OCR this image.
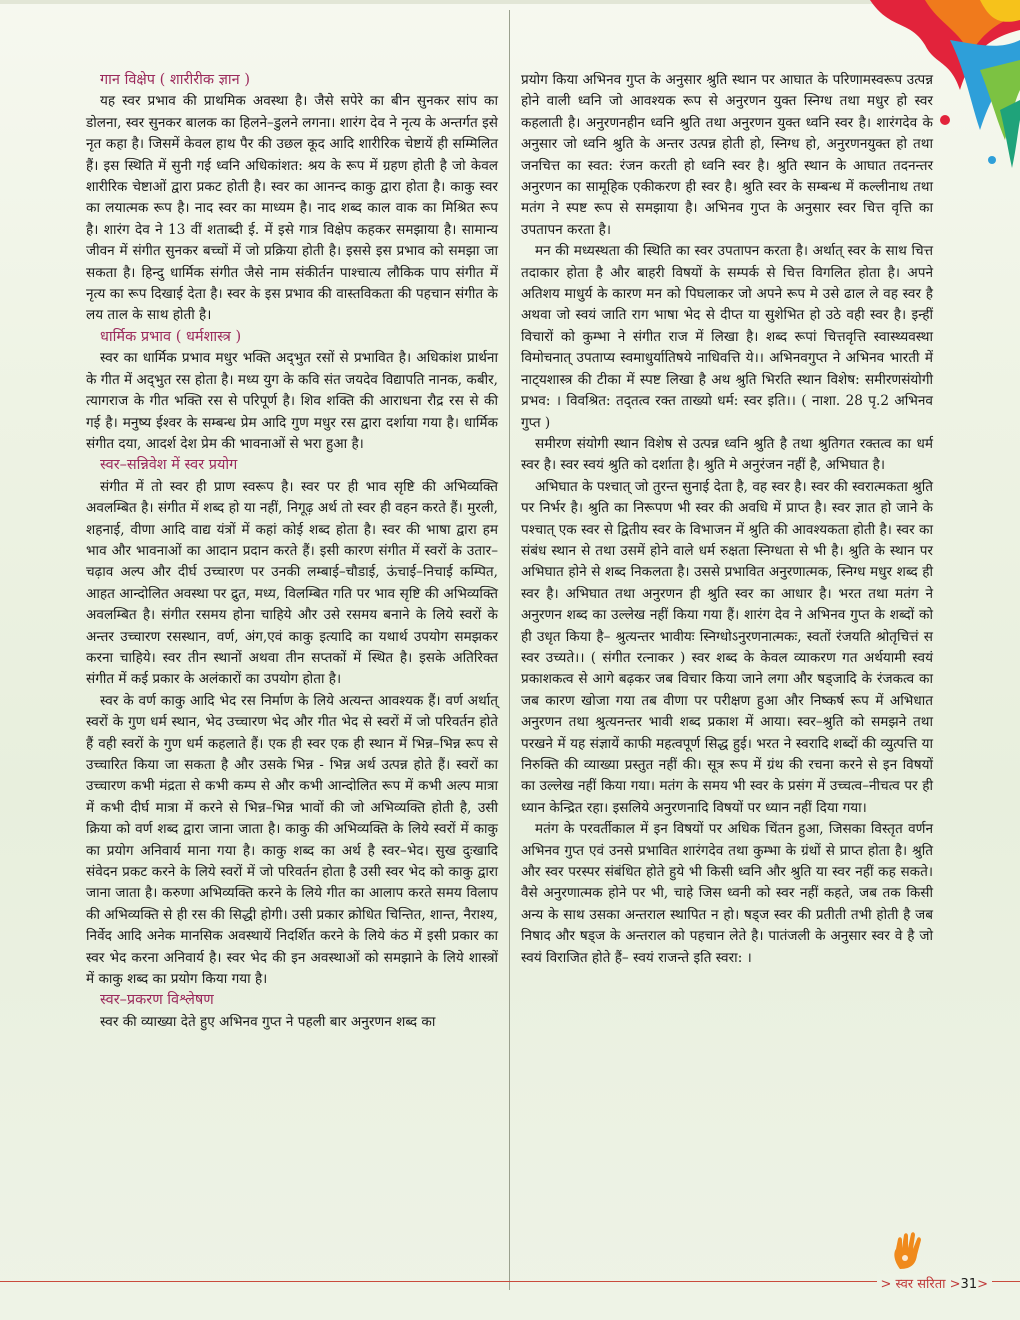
गान विक्षेप ( शारीरीक ज्ञान )

यह स्वर प्रभाव की प्राथमिक अवस्था है। जैसे सपेरे का बीन सुनकर सांप का डोलना, स्वर सुनकर बालक का हिलने–डुलने लगना। शारंग देव ने नृत्य के अन्तर्गत इसे नृत कहा है। जिसमें केवल हाथ पैर की उछल कूद आदि शारीरिक चेष्टायें ही सम्मिलित हैं। इस स्थिति में सुनी गई ध्वनि अधिकांशत: श्रय के रूप में ग्रहण होती है जो केवल शारीरिक चेष्टाओं द्वारा प्रकट होती है। स्वर का आनन्द काकु द्वारा होता है। काकु स्वर का लयात्मक रूप है। नाद स्वर का माध्यम है। नाद शब्द काल वाक का मिश्रित रूप है। शारंग देव ने 13 वीं शताब्दी ई. में इसे गात्र विक्षेप कहकर समझाया है। सामान्य जीवन में संगीत सुनकर बच्चों में जो प्रक्रिया होती है। इससे इस प्रभाव को समझा जा सकता है। हिन्दु धार्मिक संगीत जैसे नाम संकीर्तन पाश्चात्य लौकिक पाप संगीत में नृत्य का रूप दिखाई देता है। स्वर के इस प्रभाव की वास्तविकता की पहचान संगीत के लय ताल के साथ होती है।

धार्मिक प्रभाव ( धर्मशास्त्र )

स्वर का धार्मिक प्रभाव मधुर भक्ति अद्‌भुत रसों से प्रभावित है। अधिकांश प्रार्थना के गीत में अद्‌भुत रस होता है। मध्य युग के कवि संत जयदेव विद्यापति नानक, कबीर, त्यागराज के गीत भक्ति रस से परिपूर्ण है। शिव शक्ति की आराधना रौद्र रस से की गई है। मनुष्य ईश्वर के सम्बन्ध प्रेम आदि गुण मधुर रस द्वारा दर्शाया गया है। धार्मिक संगीत दया, आदर्श देश प्रेम की भावनाओं से भरा हुआ है।

स्वर–सन्निवेश में स्वर प्रयोग

संगीत में तो स्वर ही प्राण स्वरूप है। स्वर पर ही भाव सृष्टि की अभिव्यक्ति अवलम्बित है। संगीत में शब्द हो या नहीं, निगूढ़ अर्थ तो स्वर ही वहन करते हैं। मुरली, शहनाई, वीणा आदि वाद्य यंत्रों में कहां कोई शब्द होता है। स्वर की भाषा द्वारा हम भाव और भावनाओं का आदान प्रदान करते हैं। इसी कारण संगीत में स्वरों के उतार–चढ़ाव अल्प और दीर्घ उच्चारण पर उनकी लम्बाई–चौडाई, ऊंचाई–निचाई कम्पित, आहत आन्दोलित अवस्था पर द्रुत, मध्य, विलम्बित गति पर भाव सृष्टि की अभिव्यक्ति अवलम्बित है। संगीत रसमय होना चाहिये और उसे रसमय बनाने के लिये स्वरों के अन्तर उच्चारण रसस्थान, वर्ण, अंग,एवं काकु इत्यादि का यथार्थ उपयोग समझकर करना चाहिये। स्वर तीन स्थानों अथवा तीन सप्तकों में स्थित है। इसके अतिरिक्त संगीत में कई प्रकार के अलंकारों का उपयोग होता है।

स्वर के वर्ण काकु आदि भेद रस निर्माण के लिये अत्यन्त आवश्यक हैं। वर्ण अर्थात् स्वरों के गुण धर्म स्थान, भेद उच्चारण भेद और गीत भेद से स्वरों में जो परिवर्तन होते हैं वही स्वरों के गुण धर्म कहलाते हैं। एक ही स्वर एक ही स्थान में भिन्न–भिन्न रूप से उच्चारित किया जा सकता है और उसके भिन्न - भिन्न अर्थ उत्पन्न होते हैं। स्वरों का उच्चारण कभी मंद्रता से कभी कम्प से और कभी आन्दोलित रूप में कभी अल्प मात्रा में कभी दीर्घ मात्रा में करने से भिन्न–भिन्न भावों की जो अभिव्यक्ति होती है, उसी क्रिया को वर्ण शब्द द्वारा जाना जाता है। काकु की अभिव्यक्ति के लिये स्वरों में काकु का प्रयोग अनिवार्य माना गया है। काकु शब्द का अर्थ है स्वर–भेद। सुख दुःखादि संवेदन प्रकट करने के लिये स्वरों में जो परिवर्तन होता है उसी स्वर भेद को काकु द्वारा जाना जाता है। करुणा अभिव्यक्ति करने के लिये गीत का आलाप करते समय विलाप की अभिव्यक्ति से ही रस की सिद्धी होगी। उसी प्रकार क्रोधित चिन्तित, शान्त, नैराश्य, निर्वेद आदि अनेक मानसिक अवस्थायें निदर्शित करने के लिये कंठ में इसी प्रकार का स्वर भेद करना अनिवार्य है। स्वर भेद की इन अवस्थाओं को समझाने के लिये शास्त्रों में काकु शब्द का प्रयोग किया गया है।

स्वर–प्रकरण विश्लेषण

स्वर की व्याख्या देते हुए अभिनव गुप्त ने पहली बार अनुरणन शब्द का

प्रयोग किया अभिनव गुप्त के अनुसार श्रुति स्थान पर आघात के परिणामस्वरूप उत्पन्न होने वाली ध्वनि जो आवश्यक रूप से अनुरणन युक्त स्निग्ध तथा मधुर हो स्वर कहलाती है। अनुरणनहीन ध्वनि श्रुति तथा अनुरणन युक्त ध्वनि स्वर है। शारंगदेव के अनुसार जो ध्वनि श्रुति के अन्तर उत्पन्न होती हो, स्निग्ध हो, अनुरणनयुक्त हो तथा जनचित्त का स्वत: रंजन करती हो ध्वनि स्वर है। श्रुति स्थान के आघात तदनन्तर अनुरणन का सामूहिक एकीकरण ही स्वर है। श्रुति स्वर के सम्बन्ध में कल्लीनाथ तथा मतंग ने स्पष्ट रूप से समझाया है। अभिनव गुप्त के अनुसार स्वर चित्त वृत्ति का उपतापन करता है।

मन की मध्यस्थता की स्थिति का स्वर उपतापन करता है। अर्थात् स्वर के साथ चित्त तदाकार होता है और बाहरी विषयों के सम्पर्क से चित्त विगलित होता है। अपने अतिशय माधुर्य के कारण मन को पिघलाकर जो अपने रूप मे उसे ढाल ले वह स्वर है अथवा जो स्वयं जाति राग भाषा भेद से दीप्त या सुशेभित हो उठे वही स्वर है। इन्हीं विचारों को कुम्भा ने संगीत राज में लिखा है। शब्द रूपां चित्तवृत्ति स्वास्थ्यवस्था विमोचनात् उपताप्य स्वमाधुर्यातिषये नाधिवत्ति ये।। अभिनवगुप्त ने अभिनव भारती में नाट्‌यशास्त्र की टीका में स्पष्ट लिखा है अथ श्रुति भिरति स्थान विशेष: समीरणसंयोगी प्रभव: । विवश्रित: तद्‌तत्व रक्त ताख्यो धर्म: स्वर इति।। ( नाशा. 28 पृ.2 अभिनव गुप्त )

समीरण संयोगी स्थान विशेष से उत्पन्न ध्वनि श्रुति है तथा श्रुतिगत रक्तत्व का धर्म स्वर है। स्वर स्वयं श्रुति को दर्शाता है। श्रुति मे अनुरंजन नहीं है, अभिघात है।

अभिघात के पश्चात् जो तुरन्त सुनाई देता है, वह स्वर है। स्वर की स्वरात्मकता श्रुति पर निर्भर है। श्रुति का निरूपण भी स्वर की अवधि में प्राप्त है। स्वर ज्ञात हो जाने के पश्चात् एक स्वर से द्वितीय स्वर के विभाजन में श्रुति की आवश्यकता होती है। स्वर का संबंध स्थान से तथा उसमें होने वाले धर्म रुक्षता स्निग्धता से भी है। श्रुति के स्थान पर अभिघात होने से शब्द निकलता है। उससे प्रभावित अनुरणात्मक, स्निग्ध मधुर शब्द ही स्वर है। अभिघात तथा अनुरणन ही श्रुति स्वर का आधार है। भरत तथा मतंग ने अनुरणन शब्द का उल्लेख नहीं किया गया हैं। शारंग देव ने अभिनव गुप्त के शब्दों को ही उधृत किया है– श्रुत्यन्तर भावीयः स्निग्धोऽनुरणनात्मकः, स्वतों रंजयति श्रोतृचित्तं स स्वर उच्यते।। ( संगीत रत्नाकर ) स्वर शब्द के केवल व्याकरण गत अर्थयामी स्वयं प्रकाशकत्व से आगे बढ़कर जब विचार किया जाने लगा और षड्‌जादि के रंजकत्व का जब कारण खोजा गया तब वीणा पर परीक्षण हुआ और निष्कर्ष रूप में अभिधात अनुरणन तथा श्रुत्यनन्तर भावी शब्द प्रकाश में आया। स्वर–श्रुति को समझने तथा परखने में यह संज्ञायें काफी महत्वपूर्ण सिद्ध हुई। भरत ने स्वरादि शब्दों की व्युत्पत्ति या निरुक्ति की व्याख्या प्रस्तुत नहीं की। सूत्र रूप में ग्रंथ की रचना करने से इन विषयों का उल्लेख नहीं किया गया। मतंग के समय भी स्वर के प्रसंग में उच्चत्व–नीचत्व पर ही ध्यान केन्द्रित रहा। इसलिये अनुरणनादि विषयों पर ध्यान नहीं दिया गया।

मतंग के परवर्तीकाल में इन विषयों पर अधिक चिंतन हुआ, जिसका विस्तृत वर्णन अभिनव गुप्त एवं उनसे प्रभावित शारंगदेव तथा कुम्भा के ग्रंथों से प्राप्त होता है। श्रुति और स्वर परस्पर संबंधित होते हुये भी किसी ध्वनि और श्रुति या स्वर नहीं कह सकते। वैसे अनुरणात्मक होने पर भी, चाहे जिस ध्वनी को स्वर नहीं कहते, जब तक किसी अन्य के साथ उसका अन्तराल स्थापित न हो। षड्‌ज स्वर की प्रतीती तभी होती है जब निषाद और षड्‌ज के अन्तराल को पहचान लेते है। पातंजली के अनुसार स्वर वे है जो स्वयं विराजित होते हैं– स्वयं राजन्ते इति स्वरा: ।

> स्वर सरिता >31>
